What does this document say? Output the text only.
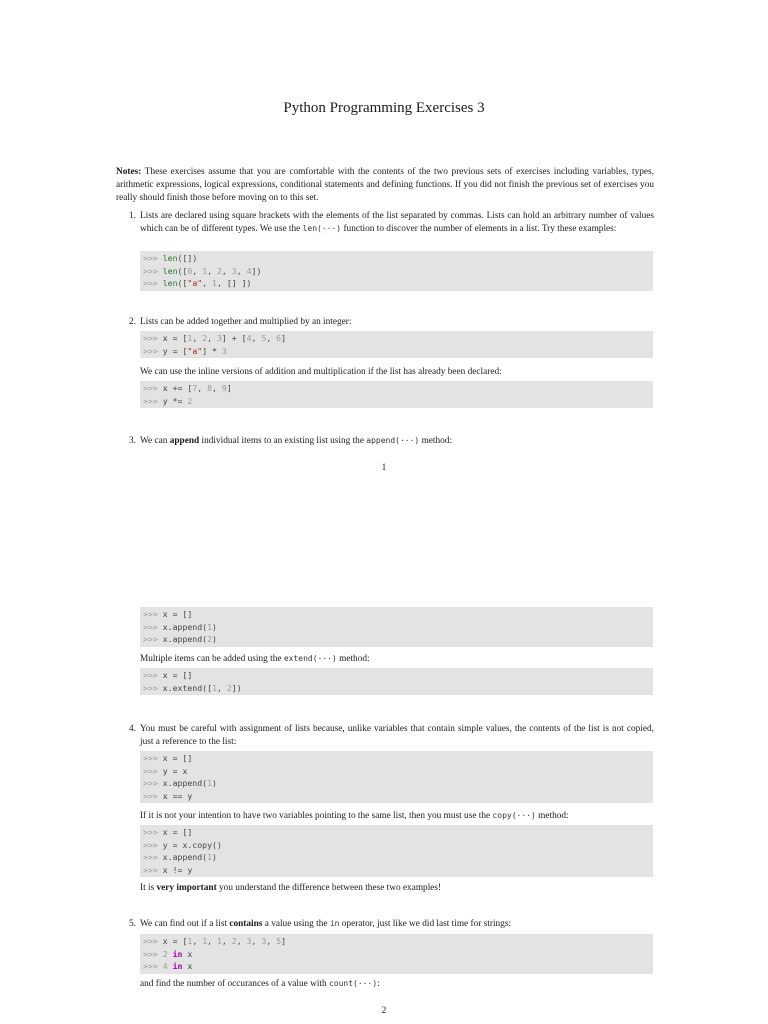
Python Programming Exercises 3
Notes: These exercises assume that you are comfortable with the contents of the two previous sets of exercises including variables, types, arithmetic expressions, logical expressions, conditional statements and defining functions. If you did not finish the previous set of exercises you really should finish those before moving on to this set.
1. Lists are declared using square brackets with the elements of the list separated by commas. Lists can hold an arbitrary number of values which can be of different types. We use the len(···) function to discover the number of elements in a list. Try these examples:
>>> len([])
>>> len([0, 1, 2, 3, 4])
>>> len(["a", 1, [] ])
2. Lists can be added together and multiplied by an integer:
>>> x = [1, 2, 3] + [4, 5, 6]
>>> y = ["a"] * 3
We can use the inline versions of addition and multiplication if the list has already been declared:
>>> x += [7, 8, 9]
>>> y *= 2
3. We can append individual items to an existing list using the append(···) method:
1
>>> x = []
>>> x.append(1)
>>> x.append(2)
Multiple items can be added using the extend(···) method:
>>> x = []
>>> x.extend([1, 2])
4. You must be careful with assignment of lists because, unlike variables that contain simple values, the contents of the list is not copied, just a reference to the list:
>>> x = []
>>> y = x
>>> x.append(1)
>>> x == y
If it is not your intention to have two variables pointing to the same list, then you must use the copy(···) method:
>>> x = []
>>> y = x.copy()
>>> x.append(1)
>>> x != y
It is very important you understand the difference between these two examples!
5. We can find out if a list contains a value using the in operator, just like we did last time for strings:
>>> x = [1, 1, 1, 2, 3, 3, 5]
>>> 2 in x
>>> 4 in x
and find the number of occurances of a value with count(···):
2
